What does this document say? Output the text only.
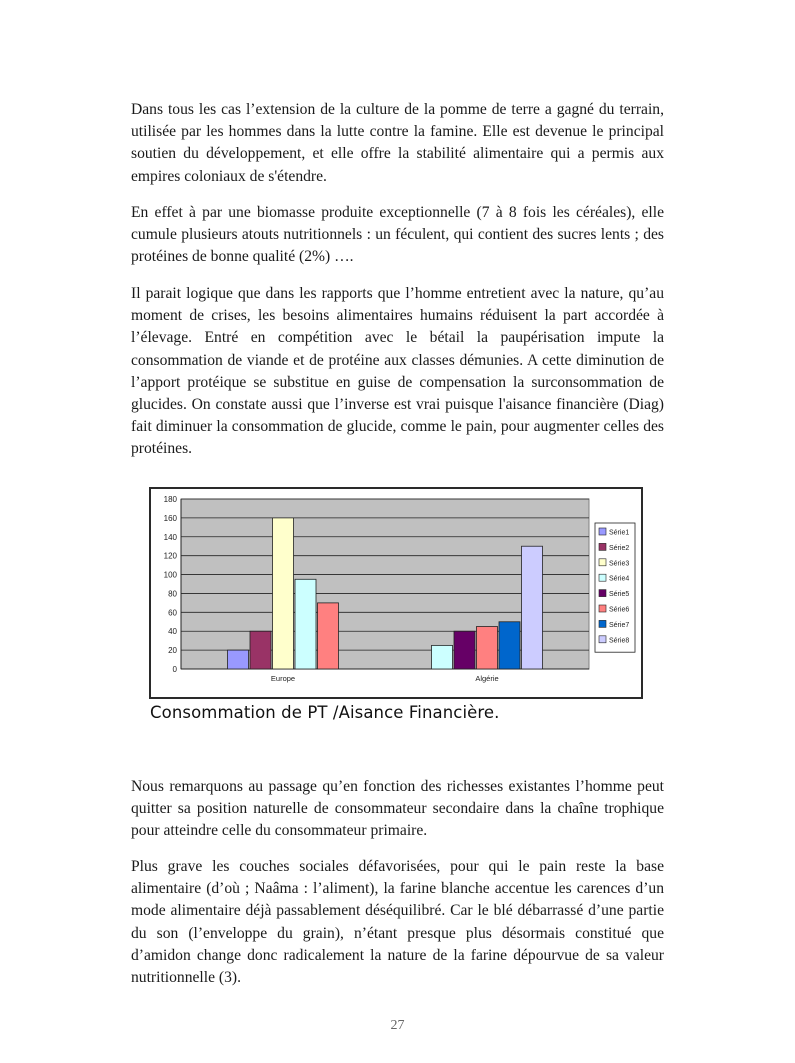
Dans tous les cas l’extension de la culture de la pomme de terre a gagné du terrain, utilisée par les hommes dans la lutte contre la famine. Elle est devenue le principal soutien du développement, et elle offre la stabilité alimentaire qui a permis aux empires coloniaux de s'étendre.

En effet à par une biomasse produite exceptionnelle (7 à 8 fois les céréales), elle cumule plusieurs atouts nutritionnels : un féculent, qui contient des sucres lents ; des protéines de bonne qualité (2%) ….

Il parait logique que dans les rapports que l’homme entretient avec la nature, qu’au moment de crises, les besoins alimentaires humains réduisent la part accordée à l’élevage. Entré en compétition avec le bétail la paupérisation impute la consommation de viande et de protéine aux classes démunies. A cette diminution de l’apport protéique se substitue en guise de compensation la surconsommation de glucides. On constate aussi que l’inverse est vrai puisque l'aisance financière (Diag) fait diminuer la consommation de glucide, comme le pain, pour augmenter celles des protéines.

0
20
40
60
80
100
120
140
160
180
Europe	Algérie
Série1
Série2
Série3
Série4
Série5
Série6
Série7
Série8
Consommation de PT /Aisance Financière.

Nous remarquons au passage qu’en fonction des richesses existantes l’homme peut quitter sa position naturelle de consommateur secondaire dans la chaîne trophique pour atteindre celle du consommateur primaire.

Plus grave les couches sociales défavorisées, pour qui le pain reste la base alimentaire (d’où ; Naâma : l’aliment), la farine blanche accentue les carences d’un mode alimentaire déjà passablement déséquilibré. Car le blé débarrassé d’une partie du son (l’enveloppe du grain), n’étant presque plus désormais constitué que d’amidon change donc radicalement la nature de la farine dépourvue de sa valeur nutritionnelle (3).

27
